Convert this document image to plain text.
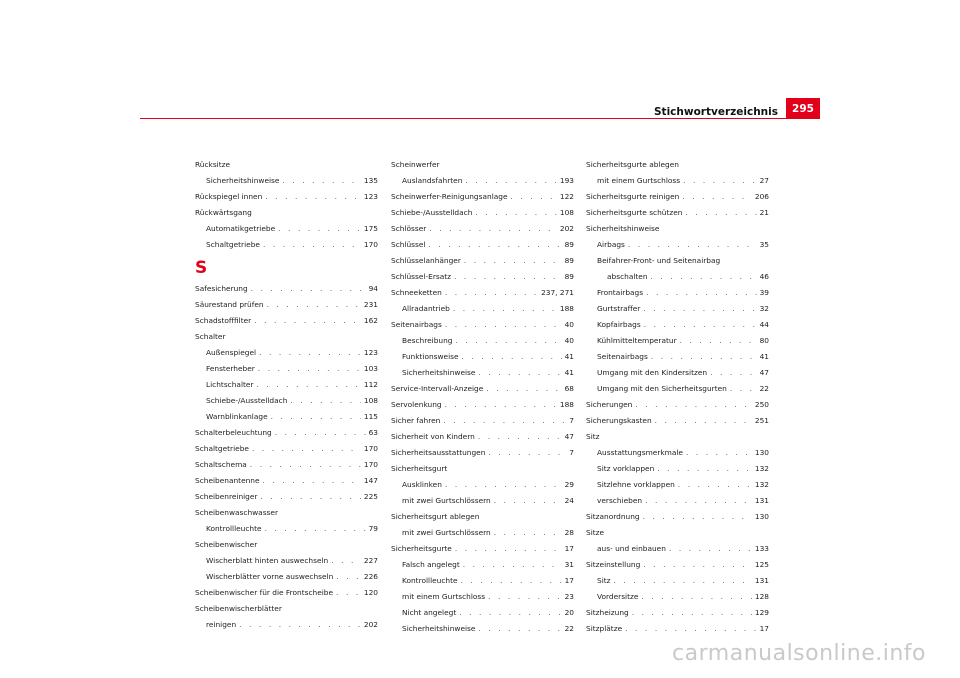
Stichwortverzeichnis	295
Rücksitze
Sicherheitshinweise . . .	135
Rückspiegel innen . . .	123
Rückwärtsgang
Automatikgetriebe . . .	175
Schaltgetriebe . . .	170
S
Safesicherung . . .	94
Säurestand prüfen . . .	231
Schadstofffilter . . .	162
Schalter
Außenspiegel . . .	123
Fensterheber . . .	103
Lichtschalter . . .	112
Schiebe-/Ausstelldach . . .	108
Warnblinkanlage . . .	115
Schalterbeleuchtung . . .	63
Schaltgetriebe . . .	170
Schaltschema . . .	170
Scheibenantenne . . .	147
Scheibenreiniger . . .	225
Scheibenwaschwasser
Kontrollleuchte . . .	79
Scheibenwischer
Wischerblatt hinten auswechseln . . .	227
Wischerblätter vorne auswechseln . . .	226
Scheibenwischer für die Frontscheibe . . .	120
Scheibenwischerblätter
reinigen . . .	202
Scheinwerfer
Auslandsfahrten . . .	193
Scheinwerfer-Reinigungsanlage . . .	122
Schiebe-/Ausstelldach . . .	108
Schlösser . . .	202
Schlüssel . . .	89
Schlüsselanhänger . . .	89
Schlüssel-Ersatz . . .	89
Schneeketten . . .	237, 271
Allradantrieb . . .	188
Seitenairbags . . .	40
Beschreibung . . .	40
Funktionsweise . . .	41
Sicherheitshinweise . . .	41
Service-Intervall-Anzeige . . .	68
Servolenkung . . .	188
Sicher fahren . . .	7
Sicherheit von Kindern . . .	47
Sicherheitsausstattungen . . .	7
Sicherheitsgurt
Ausklinken . . .	29
mit zwei Gurtschlössern . . .	24
Sicherheitsgurt ablegen
mit zwei Gurtschlössern . . .	28
Sicherheitsgurte . . .	17
Falsch angelegt . . .	31
Kontrollleuchte . . .	17
mit einem Gurtschloss . . .	23
Nicht angelegt . . .	20
Sicherheitshinweise . . .	22
Sicherheitsgurte ablegen
mit einem Gurtschloss . . .	27
Sicherheitsgurte reinigen . . .	206
Sicherheitsgurte schützen . . .	21
Sicherheitshinweise
Airbags . . .	35
Beifahrer-Front- und Seitenairbag
abschalten . . .	46
Frontairbags . . .	39
Gurtstraffer . . .	32
Kopfairbags . . .	44
Kühlmitteltemperatur . . .	80
Seitenairbags . . .	41
Umgang mit den Kindersitzen . . .	47
Umgang mit den Sicherheitsgurten . . .	22
Sicherungen . . .	250
Sicherungskasten . . .	251
Sitz
Ausstattungsmerkmale . . .	130
Sitz vorklappen . . .	132
Sitzlehne vorklappen . . .	132
verschieben . . .	131
Sitzanordnung . . .	130
Sitze
aus- und einbauen . . .	133
Sitzeinstellung . . .	125
Sitz . . .	131
Vordersitze . . .	128
Sitzheizung . . .	129
Sitzplätze . . .	17
carmanualsonline.info
